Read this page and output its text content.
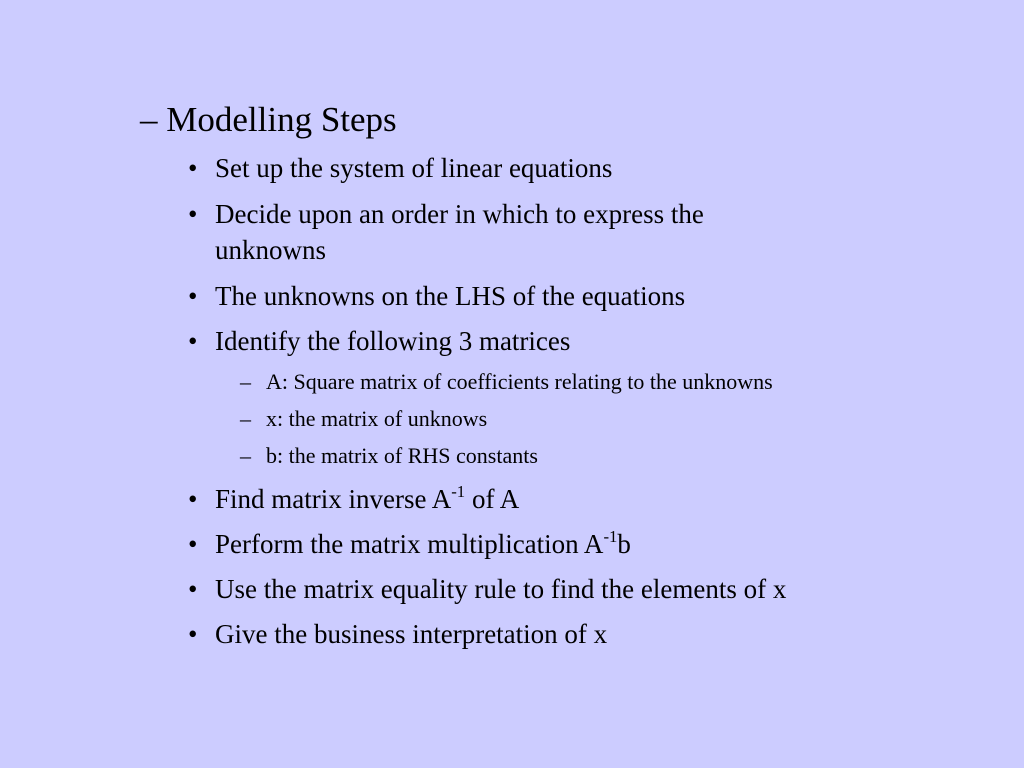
– Modelling Steps
• Set up the system of linear equations
• Decide upon an order in which to express the
unknowns
• The unknowns on the LHS of the equations
• Identify the following 3 matrices
– A: Square matrix of coefficients relating to the unknowns
– x: the matrix of unknows
– b: the matrix of RHS constants
• Find matrix inverse $A^{-1}$ of A
• Perform the matrix multiplication $A^{-1}b$
• Use the matrix equality rule to find the elements of x
• Give the business interpretation of x
